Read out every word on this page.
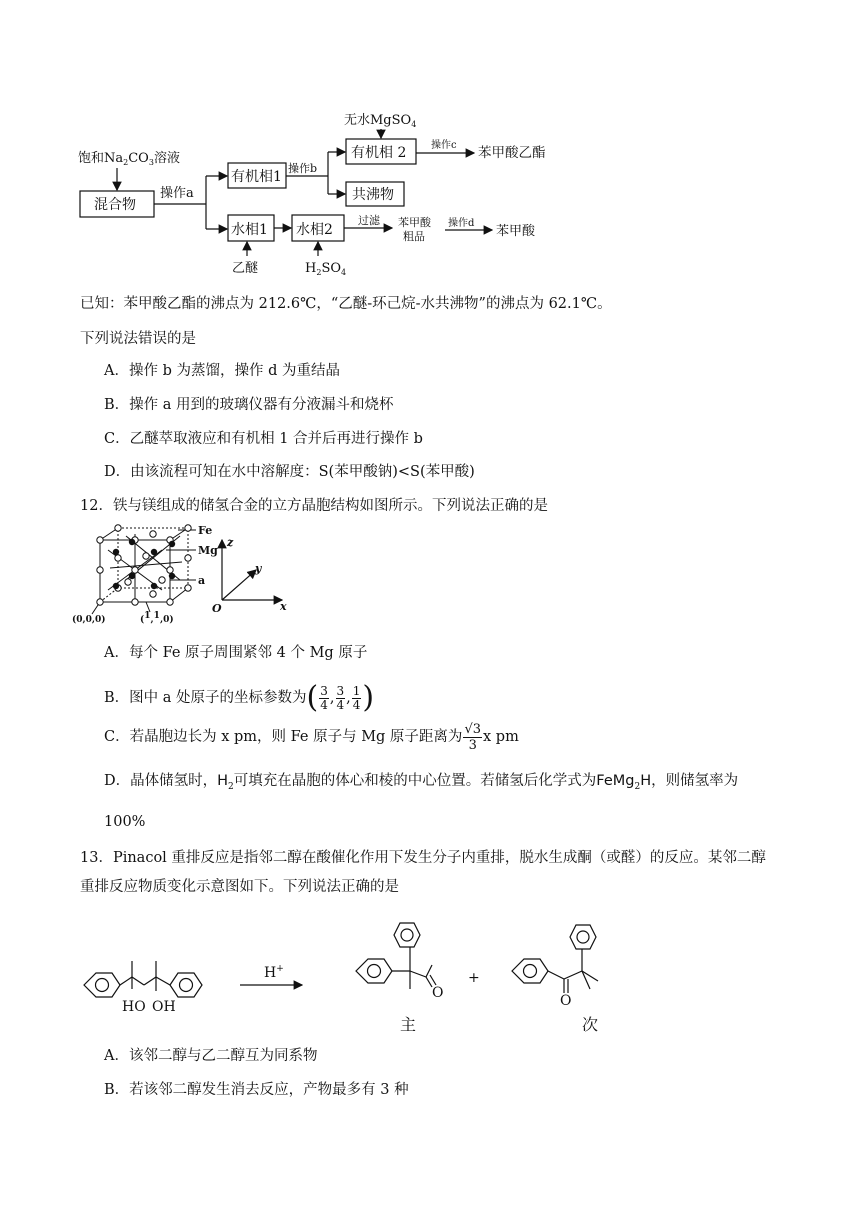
无水MgSO$_4$
饱和$Na_2CO_3$溶液
混合物
操作a
有机相1
操作b
有机相 2 操作c 苯甲酸乙酯
共沸物
水相1 水相2
过滤 苯甲酸
粗品
操作d
苯甲酸
乙醚	$H_2SO_4$
已知：苯甲酸乙酯的沸点为 212.6℃，“乙醚-环己烷-水共沸物”的沸点为 62.1℃。
下列说法错误的是
A．操作 b 为蒸馏，操作 d 为重结晶
B．操作 a 用到的玻璃仪器有分液漏斗和烧杯
C．乙醚萃取液应和有机相 1 合并后再进行操作 b
D．由该流程可知在水中溶解度：S(苯甲酸钠)<S(苯甲酸)
12．铁与镁组成的储氢合金的立方晶胞结构如图所示。下列说法正确的是
Fe
Mg
a
(0,0,0)	(1,1,0)
z
y
x
O
A．每个 Fe 原子周围紧邻 4 个 Mg 原子
B．图中 a 处原子的坐标参数为 ( $\frac{3}{4}$ , $\frac{3}{4}$ , $\frac{1}{4}$ )
C．若晶胞边长为 x pm，则 Fe 原子与 Mg 原子距离为 $\frac{√3}{3}$ x pm
D．晶体储氢时，$H_2$可填充在晶胞的体心和棱的中心位置。若储氢后化学式为FeMg$_2$H，则储氢率为
100%
13．Pinacol 重排反应是指邻二醇在酸催化作用下发生分子内重排，脱水生成酮（或醛）的反应。某邻二醇
重排反应物质变化示意图如下。下列说法正确的是
HO OH
H+
O	O
+
主	次
A．该邻二醇与乙二醇互为同系物
B．若该邻二醇发生消去反应，产物最多有 3 种
